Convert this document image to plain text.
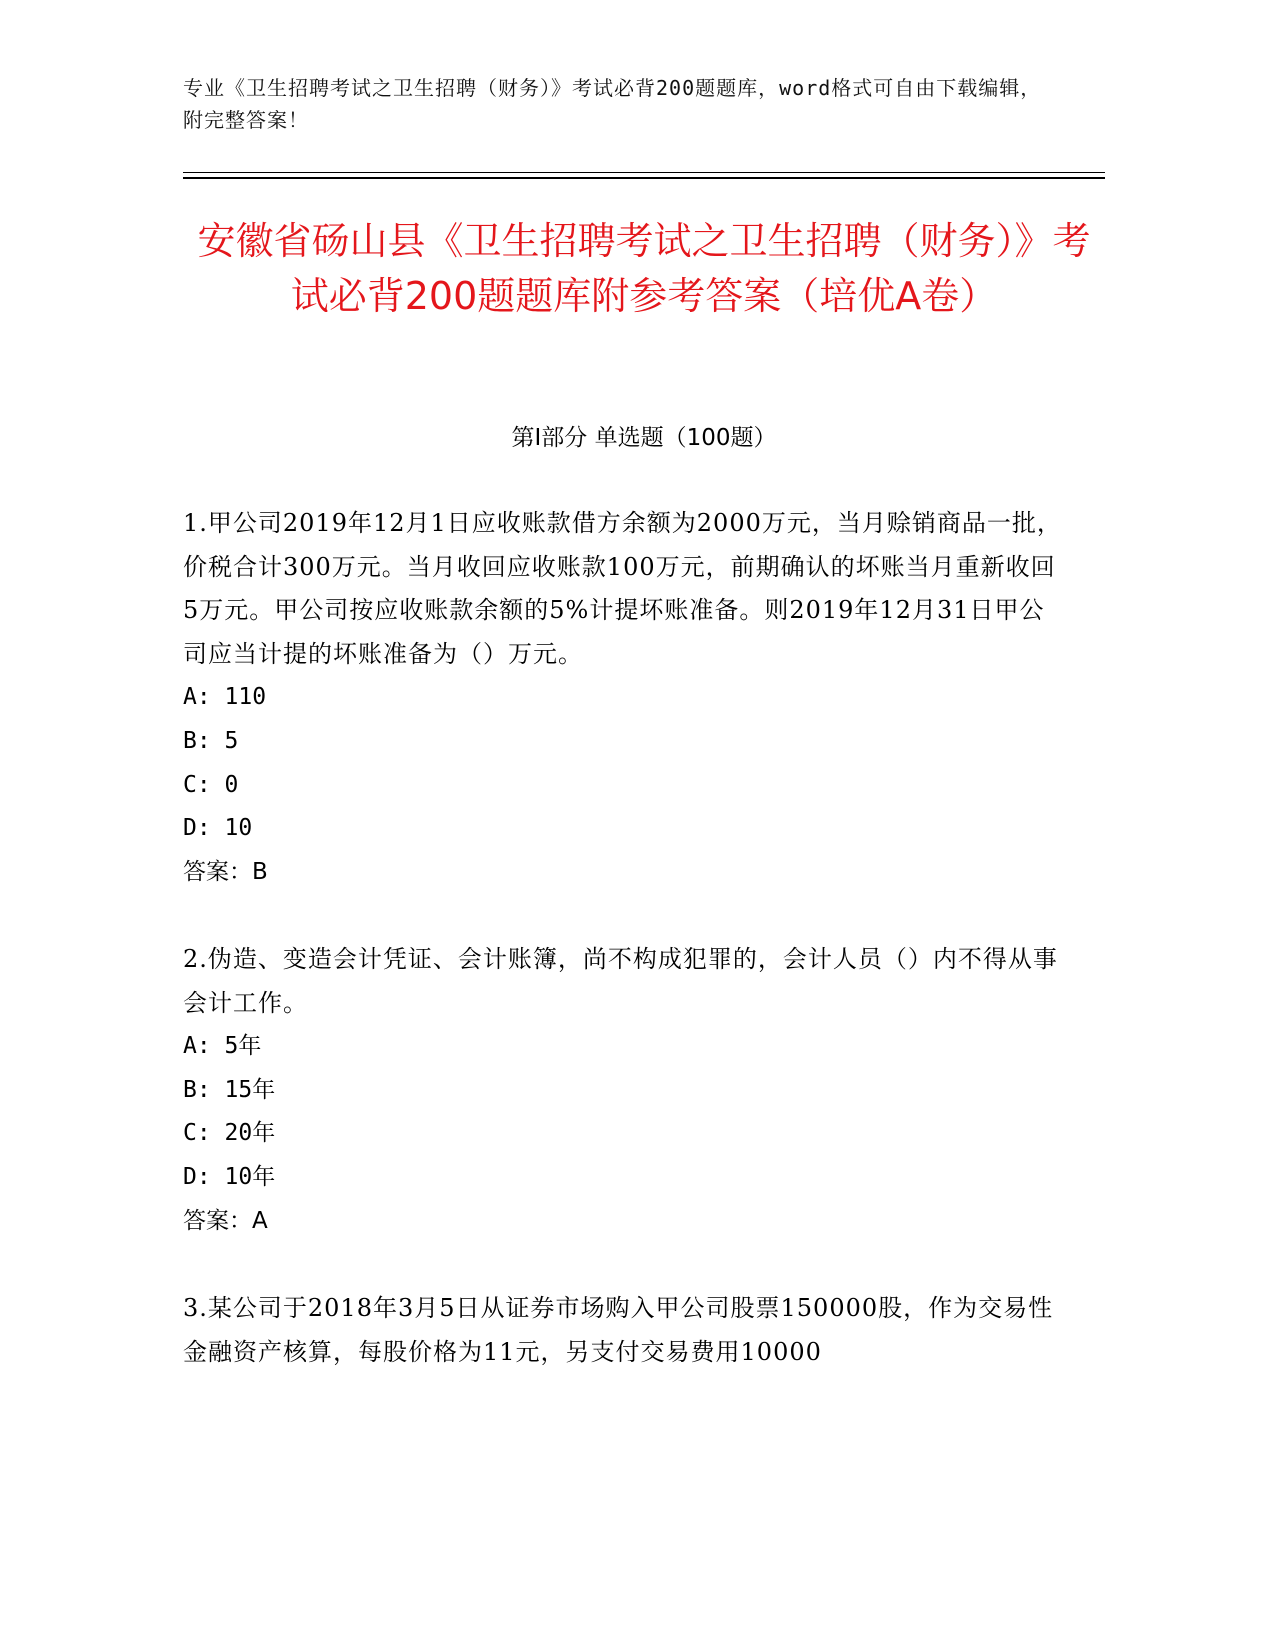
专业《卫生招聘考试之卫生招聘（财务）》考试必背200题题库，word格式可自由下载编辑，附完整答案！
安徽省砀山县《卫生招聘考试之卫生招聘（财务）》考试必背200题题库附参考答案（培优A卷）
第I部分 单选题（100题）

1.甲公司2019年12月1日应收账款借方余额为2000万元，当月赊销商品一批，价税合计300万元。当月收回应收账款100万元，前期确认的坏账当月重新收回5万元。甲公司按应收账款余额的5%计提坏账准备。则2019年12月31日甲公司应当计提的坏账准备为（）万元。

A: 110

B: 5

C: 0

D: 10

答案：B

2.伪造、变造会计凭证、会计账簿，尚不构成犯罪的，会计人员（）内不得从事会计工作。

A: 5年

B: 15年

C: 20年

D: 10年

答案：A

3.某公司于2018年3月5日从证券市场购入甲公司股票150000股，作为交易性金融资产核算，每股价格为11元，另支付交易费用10000
